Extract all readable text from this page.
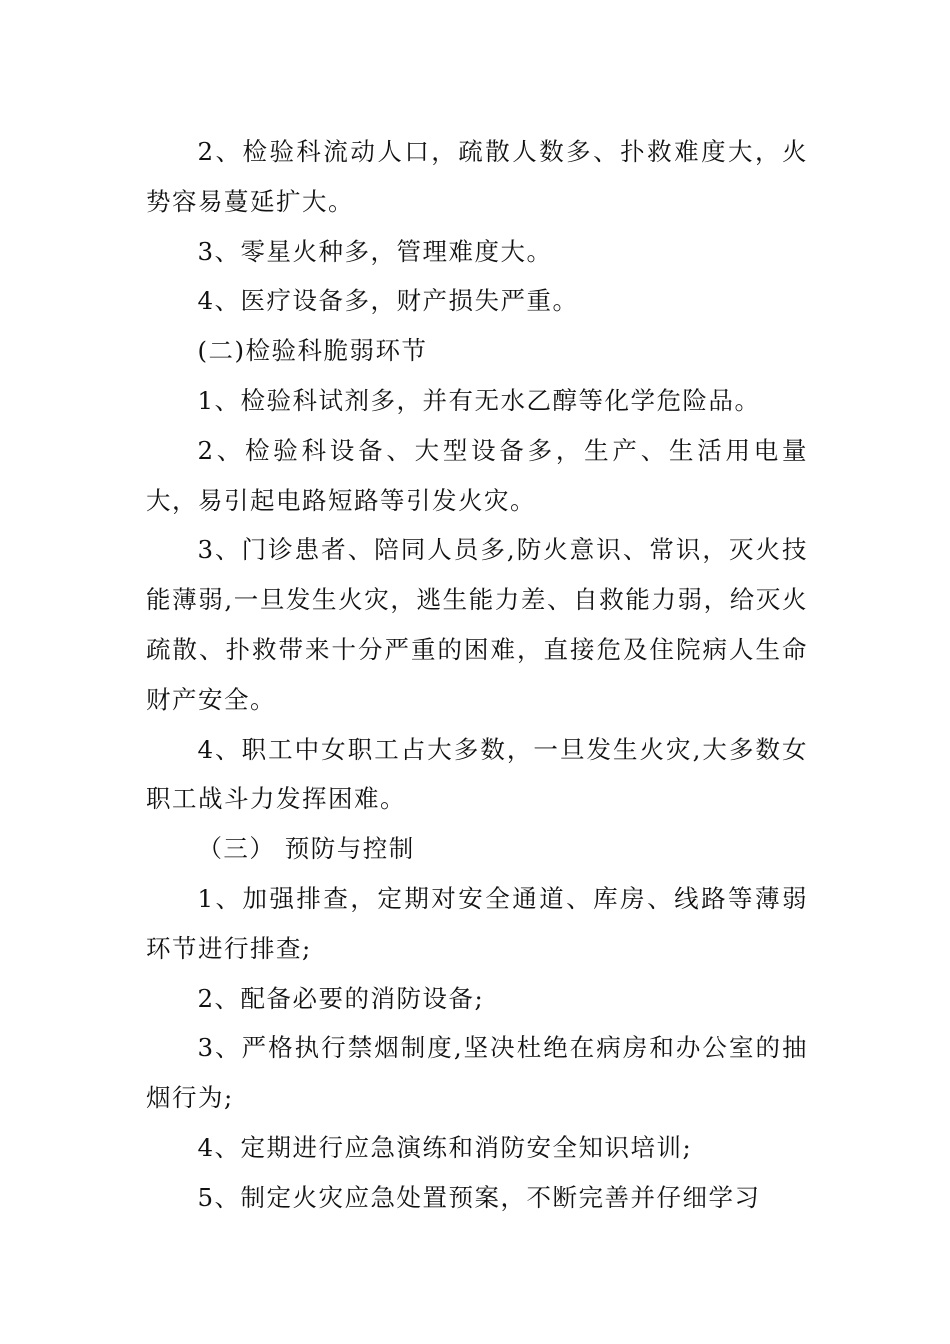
2、检验科流动人口，疏散人数多、扑救难度大，火势容易蔓延扩大。

3、零星火种多，管理难度大。

4、医疗设备多，财产损失严重。

(二)检验科脆弱环节

1、检验科试剂多，并有无水乙醇等化学危险品。

2、检验科设备、大型设备多，生产、生活用电量大，易引起电路短路等引发火灾。

3、门诊患者、陪同人员多,防火意识、常识，灭火技能薄弱,一旦发生火灾，逃生能力差、自救能力弱，给灭火疏散、扑救带来十分严重的困难，直接危及住院病人生命财产安全。

4、职工中女职工占大多数，一旦发生火灾,大多数女职工战斗力发挥困难。

（三） 预防与控制

1、加强排查，定期对安全通道、库房、线路等薄弱环节进行排查;

2、配备必要的消防设备;

3、严格执行禁烟制度,坚决杜绝在病房和办公室的抽烟行为;

4、定期进行应急演练和消防安全知识培训;

5、制定火灾应急处置预案，不断完善并仔细学习
